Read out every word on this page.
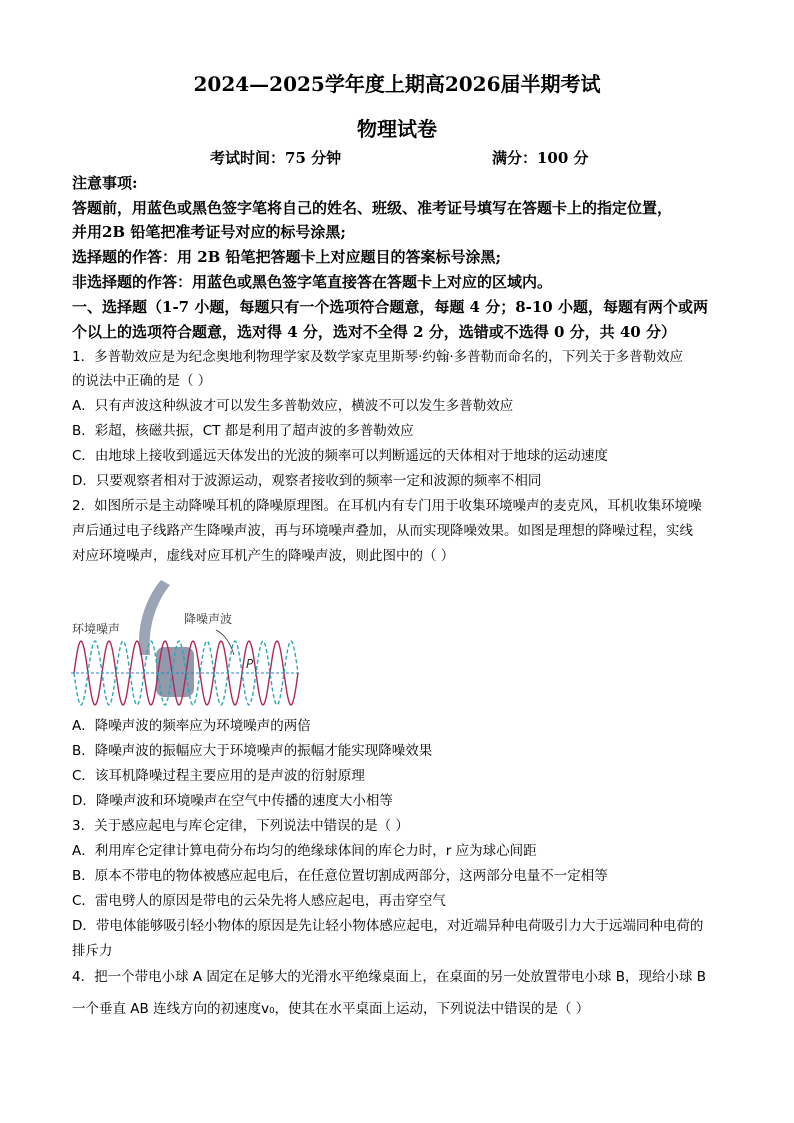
2024—2025学年度上期高2026届半期考试
物理试卷
考试时间：75 分钟	满分：100 分
注意事项:
答题前，用蓝色或黑色签字笔将自己的姓名、班级、准考证号填写在答题卡上的指定位置，
并用2B 铅笔把准考证号对应的标号涂黑;
选择题的作答：用 2B 铅笔把答题卡上对应题目的答案标号涂黑;
非选择题的作答：用蓝色或黑色签字笔直接答在答题卡上对应的区域内。
一、选择题（1-7 小题，每题只有一个选项符合题意，每题 4 分；8-10 小题，每题有两个或两
个以上的选项符合题意，选对得 4 分，选对不全得 2 分，选错或不选得 0 分，共 40 分）
1．多普勒效应是为纪念奥地利物理学家及数学家克里斯琴·约翰·多普勒而命名的，下列关于多普勒效应
的说法中正确的是（ ）
A．只有声波这种纵波才可以发生多普勒效应，横波不可以发生多普勒效应
B．彩超，核磁共振，CT 都是利用了超声波的多普勒效应
C．由地球上接收到遥远天体发出的光波的频率可以判断遥远的天体相对于地球的运动速度
D．只要观察者相对于波源运动，观察者接收到的频率一定和波源的频率不相同
2．如图所示是主动降噪耳机的降噪原理图。在耳机内有专门用于收集环境噪声的麦克风，耳机收集环境噪
声后通过电子线路产生降噪声波，再与环境噪声叠加，从而实现降噪效果。如图是理想的降噪过程，实线
对应环境噪声，虚线对应耳机产生的降噪声波，则此图中的（ ）
环境噪声
降噪声波
P
A．降噪声波的频率应为环境噪声的两倍
B．降噪声波的振幅应大于环境噪声的振幅才能实现降噪效果
C．该耳机降噪过程主要应用的是声波的衍射原理
D．降噪声波和环境噪声在空气中传播的速度大小相等
3．关于感应起电与库仑定律，下列说法中错误的是（ ）
A．利用库仑定律计算电荷分布均匀的绝缘球体间的库仑力时，r 应为球心间距
B．原本不带电的物体被感应起电后，在任意位置切割成两部分，这两部分电量不一定相等
C．雷电劈人的原因是带电的云朵先将人感应起电，再击穿空气
D．带电体能够吸引轻小物体的原因是先让轻小物体感应起电，对近端异种电荷吸引力大于远端同种电荷的
排斥力
4．把一个带电小球 A 固定在足够大的光滑水平绝缘桌面上，在桌面的另一处放置带电小球 B，现给小球 B
一个垂直 AB 连线方向的初速度v₀，使其在水平桌面上运动，下列说法中错误的是（ ）
